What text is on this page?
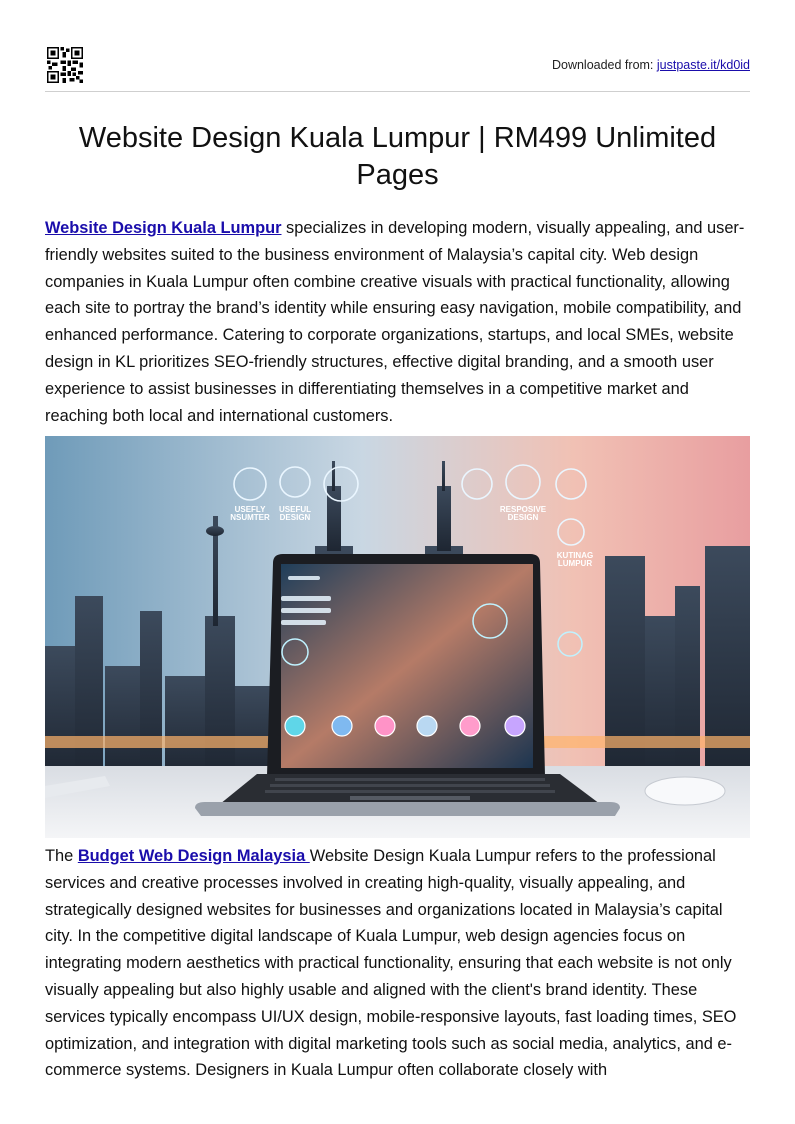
Downloaded from: justpaste.it/kd0id
Website Design Kuala Lumpur | RM499 Unlimited Pages

Website Design Kuala Lumpur specializes in developing modern, visually appealing, and user-friendly websites suited to the business environment of Malaysia’s capital city. Web design companies in Kuala Lumpur often combine creative visuals with practical functionality, allowing each site to portray the brand’s identity while ensuring easy navigation, mobile compatibility, and enhanced performance. Catering to corporate organizations, startups, and local SMEs, website design in KL prioritizes SEO-friendly structures, effective digital branding, and a smooth user experience to assist businesses in differentiating themselves in a competitive market and reaching both local and international customers.

USEFLY
NSUMTER
USEFUL
DESIGN
RESPOSIVE
DESIGN
KUTINAG
LUMPUR

The Budget Web Design Malaysia Website Design Kuala Lumpur refers to the professional services and creative processes involved in creating high-quality, visually appealing, and strategically designed websites for businesses and organizations located in Malaysia’s capital city. In the competitive digital landscape of Kuala Lumpur, web design agencies focus on integrating modern aesthetics with practical functionality, ensuring that each website is not only visually appealing but also highly usable and aligned with the client's brand identity. These services typically encompass UI/UX design, mobile-responsive layouts, fast loading times, SEO optimization, and integration with digital marketing tools such as social media, analytics, and e-commerce systems. Designers in Kuala Lumpur often collaborate closely with
